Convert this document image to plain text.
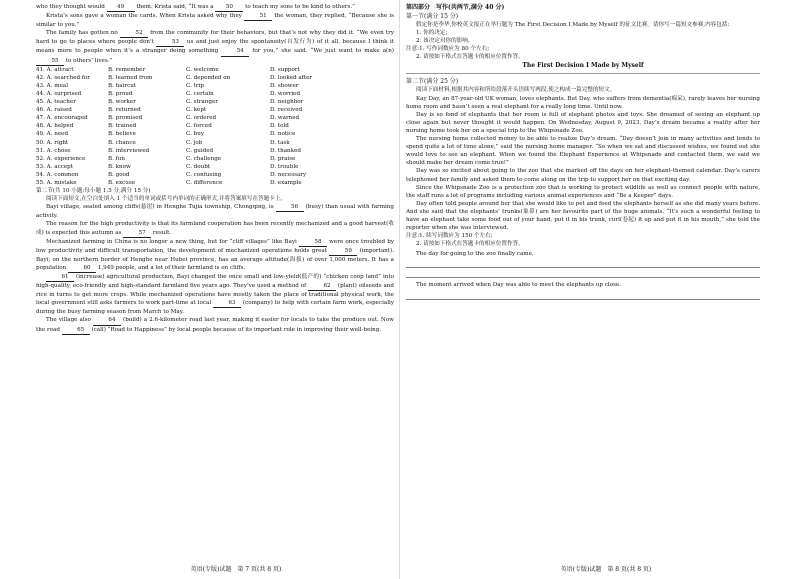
who they thought would 49 them. Krista said, “It was a 50 to teach my sons to be kind to others.”

Krista’s sons gave a woman the cards. When Krista asked why they	51 the woman, they replied, “Because she is similar to you.”

The family has gotten no	52 from the community for their behaviors, but that’s not why they did it. “We even try hard to go to places where people don’t	53 us and just enjoy the spontaneity(自发行为) of it all, because I think it means more to people when it’s a stranger doing something	54 for you,” she said. “We just want to make a(n) 55 to others’ lives.”

41. A. attract	B. remember	C. welcome	D. support
42. A. searched for	B. learned from	C. depended on	D. looked after
43. A. meal	B. haircut	C. trip	D. shower
44. A. surprised	B. proud	C. certain	D. worried
45. A. teacher	B. worker	C. stranger	D. neighbor
46. A. raised	B. returned	C. kept	D. received
47. A. encouraged	B. promised	C. ordered	D. warned
48. A. helped	B. trained	C. forced	D. told
49. A. need	B. believe	C. buy	D. notice
50. A. right	B. chance	C. job	D. task
51. A. chose	B. interviewed	C. guided	D. thanked
52. A. experience	B. fun	C. challenge	D. praise
53. A. accept	B. know	C. doubt	D. trouble
54. A. common	B. good	C. confusing	D. necessary
55. A. mistake	B. excuse	C. difference	D. example

第二节(共 10 小题;每小题 1.5 分,满分 15 分)

阅读下面短文,在空白处填入 1 个适当的单词或括号内单词的正确形式,并将答案填写在答题卡上。

Bayi village, seated among cliffs(悬崖) in Henghe Tujia township, Chongqing, is	56 (busy) than usual with farming activity.

The reason for the high productivity is that its farmland cooperation has been recently mechanized and a good harvest(收成) is expected this autumn as	57 result.

Mechanized farming in China is no longer a new thing, but for “cliff villages” like Bayi	58 were once troubled by low productivity and difficult transportation, the development of mechanized operations holds great	59 (important). Bayi, on the northern border of Henghe near Hubei province, has an average altitude(海拔) of over 1,000 meters. It has a population	60 1,949 people, and a lot of their farmland is on cliffs.

61 (increase) agricultural production, Bayi changed the once small and low-yield(低产的) “chicken coop land” into high-quality, eco-friendly and high-standard farmland five years ago. They’ve used a method of	62 (plant) oilseeds and rice in turns to get more crops. While mechanized operations have mostly taken the place of traditional physical work, the local government still asks farmers to work part-time at local	63 (company) to help with certain farm work, especially during the busy farming season from March to May.

The village also	64 (build) a 2.6-kilometer road last year, making it easier for locals to take the produce out. Now the road	65 (call) “Road to Happiness” by local people because of its important role in improving their well-being.

英语(专版)试题　第 7 页(共 8 页)

第四部分　写作(共两节,满分 40 分)

第一节(满分 15 分)

假定你是李华,你校英文报正在举行题为 The First Decision I Made by Myself 的征文比赛。请你写一篇短文参赛,内容包括:

1. 你的决定;

2. 该决定对你的影响。

注意:1. 写作词数应为 80 个左右;

2. 请按如下格式在答题卡的相应位置作答。

The First Decision I Made by Myself

第二节(满分 25 分)

阅读下面材料,根据其内容和所给段落开头语续写两段,使之构成一篇完整的短文。

Kay Day, an 87-year-old UK woman, loves elephants. But Day, who suffers from dementia(痴呆), rarely leaves her nursing home room and hasn’t seen a real elephant for a really long time. Until now.

Day is so fond of elephants that her room is full of elephant photos and toys. She dreamed of seeing an elephant up close again but never thought it would happen. On Wednesday, August 9, 2023, Day’s dream became a reality after her nursing home took her on a special trip to the Whipsnade Zoo.

The nursing home collected money to be able to realize Day’s dream. “Day doesn’t join in many activities and tends to spend quite a lot of time alone,” said the nursing home manager. “So when we sat and discussed wishes, we found out she would love to see an elephant. When we found the Elephant Experience at Whipsnade and contacted them, we said we should make her dream come true!”

Day was so excited about going to the zoo that she marked off the days on her elephant-themed calendar. Day’s carers telephoned her family and asked them to come along on the trip to support her on that exciting day.

Since the Whipsnade Zoo is a protection zoo that is working to protect wildlife as well as connect people with nature, the staff runs a lot of programs including various animal experiences and “Be a Keeper” days.

Day often told people around her that she would like to pet and feed the elephants herself as she did many years before. And she said that the elephants’ trunks(象鼻) are her favourite part of the huge animals. “It’s such a wonderful feeling to have an elephant take some food out of your hand, put it in his trunk, curl(卷起) it up and put it in his mouth,” she told the reporter when she was interviewed.

注意:1. 续写词数应为 150 个左右;

2. 请按如下格式在答题卡的相应位置作答。

The day for going to the zoo finally came.

The moment arrived when Day was able to meet the elephants up close.

英语(专版)试题　第 8 页(共 8 页)
